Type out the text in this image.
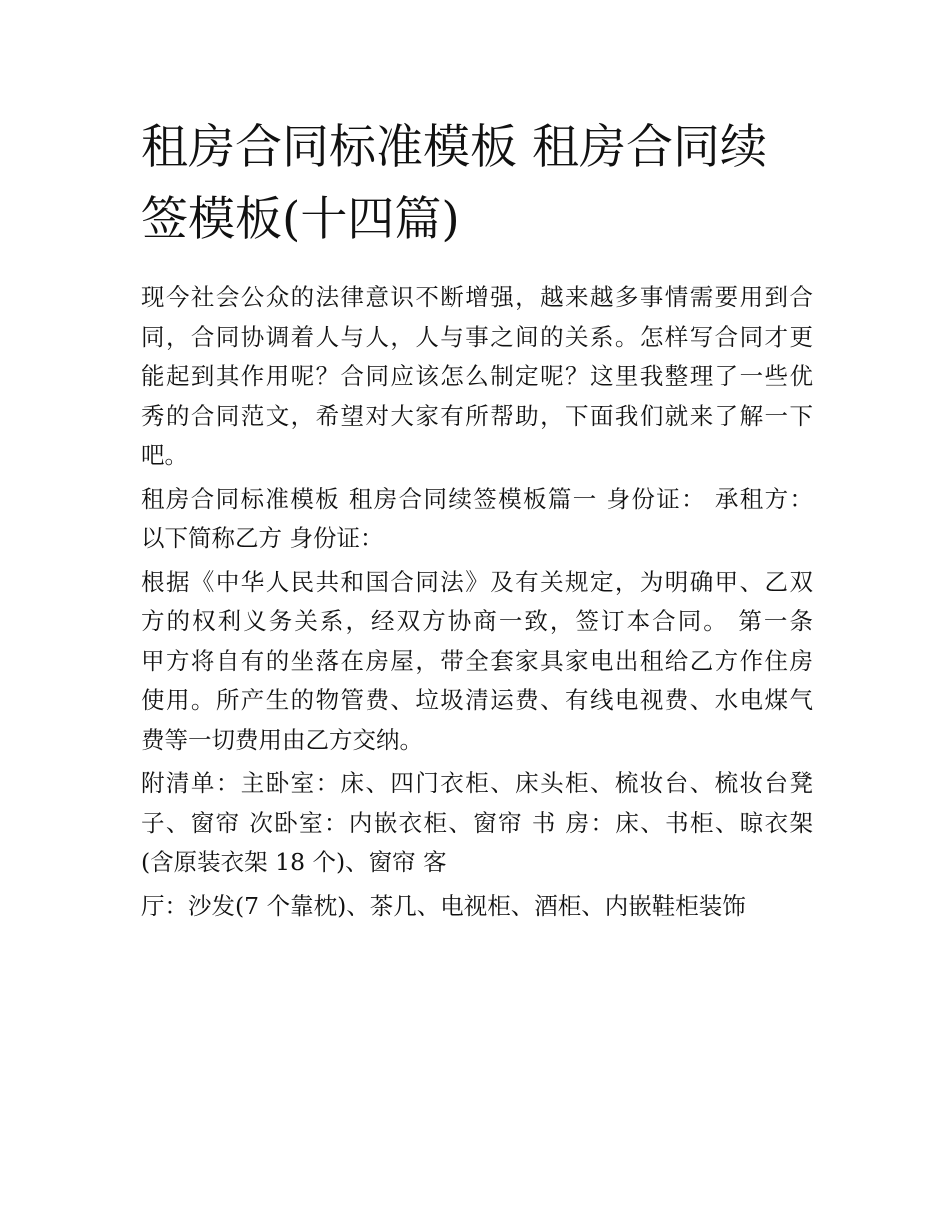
租房合同标准模板 租房合同续
签模板(十四篇)

现今社会公众的法律意识不断增强，越来越多事情需要用到合
同，合同协调着人与人，人与事之间的关系。怎样写合同才更
能起到其作用呢？合同应该怎么制定呢？这里我整理了一些优
秀的合同范文，希望对大家有所帮助，下面我们就来了解一下
吧。

租房合同标准模板 租房合同续签模板篇一 身份证： 承租方：
以下简称乙方 身份证：

根据《中华人民共和国合同法》及有关规定，为明确甲、乙双
方的权利义务关系，经双方协商一致，签订本合同。 第一条
甲方将自有的坐落在房屋，带全套家具家电出租给乙方作住房
使用。所产生的物管费、垃圾清运费、有线电视费、水电煤气
费等一切费用由乙方交纳。

附清单：主卧室：床、四门衣柜、床头柜、梳妆台、梳妆台凳
子、窗帘 次卧室：内嵌衣柜、窗帘 书 房：床、书柜、晾衣架
(含原装衣架 18 个)、窗帘 客

厅：沙发(7 个靠枕)、茶几、电视柜、酒柜、内嵌鞋柜装饰
